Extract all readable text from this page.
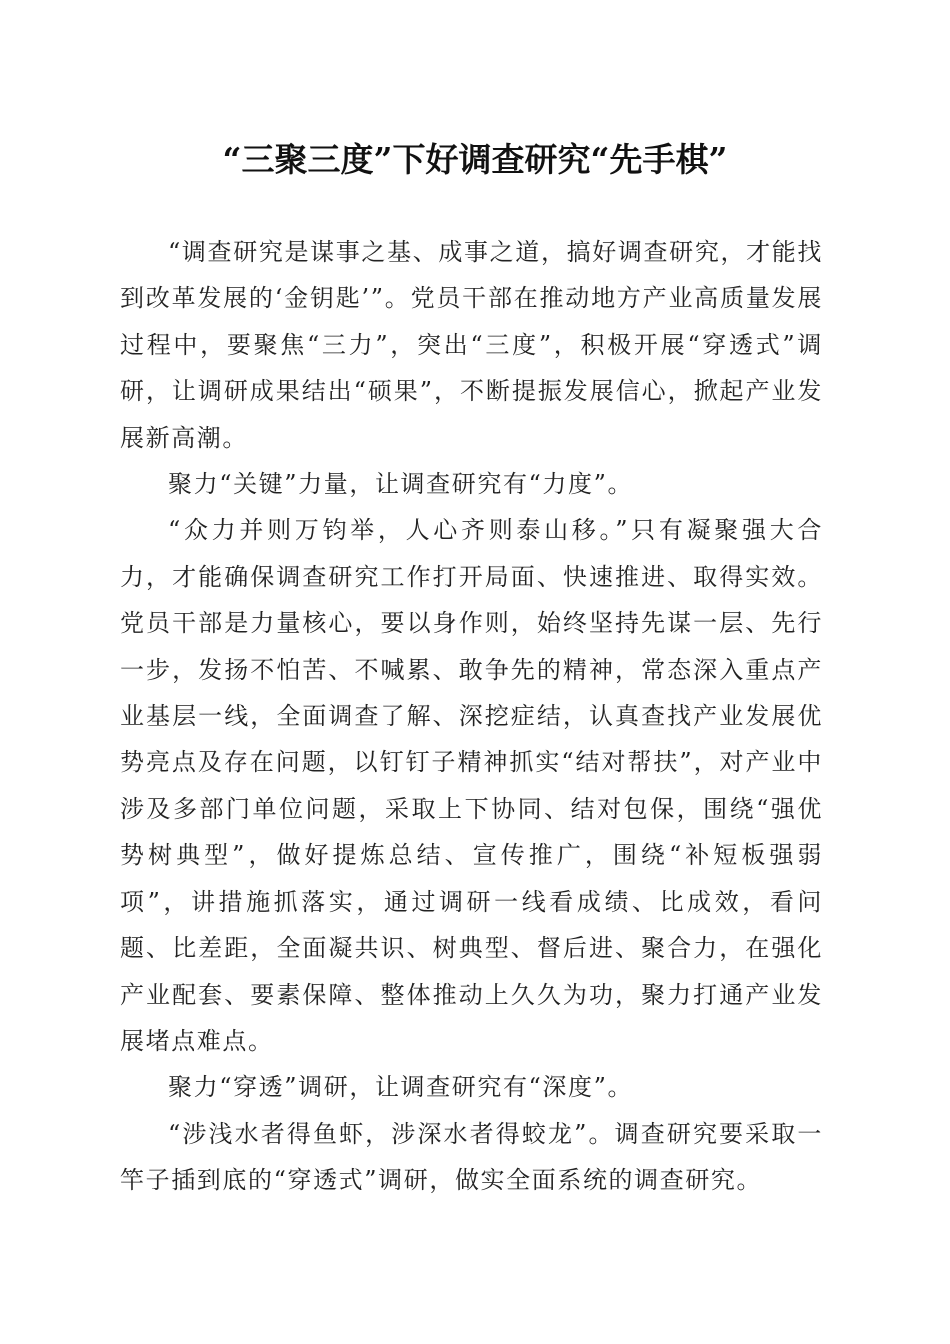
“三聚三度”下好调查研究“先手棋”

“调查研究是谋事之基、成事之道，搞好调查研究，才能找到改革发展的‘金钥匙’”。党员干部在推动地方产业高质量发展过程中，要聚焦“三力”，突出“三度”，积极开展“穿透式”调研，让调研成果结出“硕果”，不断提振发展信心，掀起产业发展新高潮。

聚力“关键”力量，让调查研究有“力度”。

“众力并则万钧举，人心齐则泰山移。”只有凝聚强大合力，才能确保调查研究工作打开局面、快速推进、取得实效。党员干部是力量核心，要以身作则，始终坚持先谋一层、先行一步，发扬不怕苦、不喊累、敢争先的精神，常态深入重点产业基层一线，全面调查了解、深挖症结，认真查找产业发展优势亮点及存在问题，以钉钉子精神抓实“结对帮扶”，对产业中涉及多部门单位问题，采取上下协同、结对包保，围绕“强优势树典型”，做好提炼总结、宣传推广，围绕“补短板强弱项”，讲措施抓落实，通过调研一线看成绩、比成效，看问题、比差距，全面凝共识、树典型、督后进、聚合力，在强化产业配套、要素保障、整体推动上久久为功，聚力打通产业发展堵点难点。

聚力“穿透”调研，让调查研究有“深度”。

“涉浅水者得鱼虾，涉深水者得蛟龙”。调查研究要采取一竿子插到底的“穿透式”调研，做实全面系统的调查研究。
